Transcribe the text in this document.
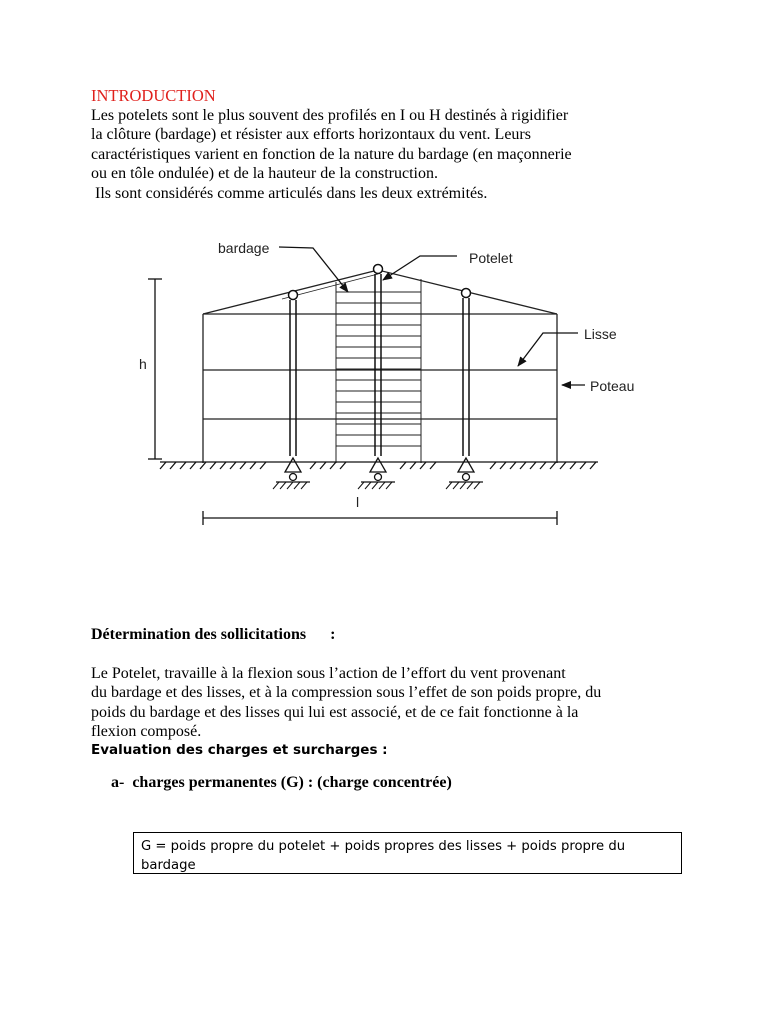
INTRODUCTION
Les potelets sont le plus souvent des profilés en I ou H destinés à rigidifier
la clôture (bardage) et résister aux efforts horizontaux du vent. Leurs
caractéristiques varient en fonction de la nature du bardage (en maçonnerie
ou en tôle ondulée) et de la hauteur de la construction.
Ils sont considérés comme articulés dans les deux extrémités.
h
l
bardage
Potelet
Lisse
Poteau
Détermination des sollicitations      :
Le Potelet, travaille à la flexion sous l’action de l’effort du vent provenant
du bardage et des lisses, et à la compression sous l’effet de son poids propre, du
poids du bardage et des lisses qui lui est associé, et de ce fait fonctionne à la
flexion composé.
Evaluation des charges et surcharges :
a-  charges permanentes (G) : (charge concentrée)
G = poids propre du potelet + poids propres des lisses + poids propre du bardage
